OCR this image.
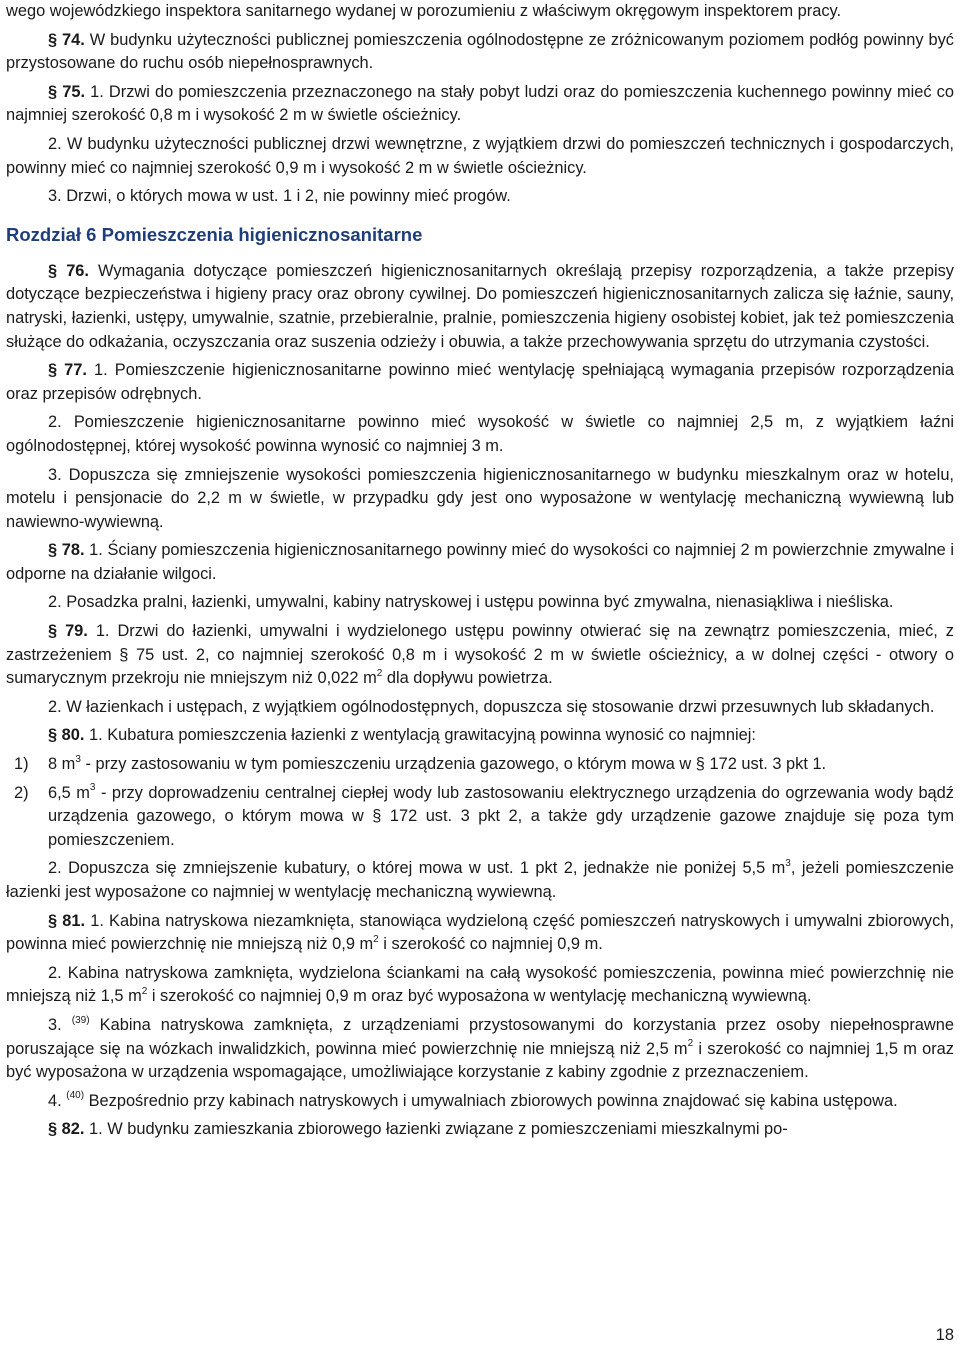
wego wojewódzkiego inspektora sanitarnego wydanej w porozumieniu z właściwym okręgowym inspektorem pracy.

§ 74. W budynku użyteczności publicznej pomieszczenia ogólnodostępne ze zróżnicowanym poziomem podłóg powinny być przystosowane do ruchu osób niepełnosprawnych.

§ 75. 1. Drzwi do pomieszczenia przeznaczonego na stały pobyt ludzi oraz do pomieszczenia kuchennego powinny mieć co najmniej szerokość 0,8 m i wysokość 2 m w świetle ościeżnicy.

2. W budynku użyteczności publicznej drzwi wewnętrzne, z wyjątkiem drzwi do pomieszczeń technicznych i gospodarczych, powinny mieć co najmniej szerokość 0,9 m i wysokość 2 m w świetle ościeżnicy.

3. Drzwi, o których mowa w ust. 1 i 2, nie powinny mieć progów.

Rozdział 6 Pomieszczenia higienicznosanitarne

§ 76. Wymagania dotyczące pomieszczeń higienicznosanitarnych określają przepisy rozporządzenia, a także przepisy dotyczące bezpieczeństwa i higieny pracy oraz obrony cywilnej. Do pomieszczeń higienicznosanitarnych zalicza się łaźnie, sauny, natryski, łazienki, ustępy, umywalnie, szatnie, przebieralnie, pralnie, pomieszczenia higieny osobistej kobiet, jak też pomieszczenia służące do odkażania, oczyszczania oraz suszenia odzieży i obuwia, a także przechowywania sprzętu do utrzymania czystości.

§ 77. 1. Pomieszczenie higienicznosanitarne powinno mieć wentylację spełniającą wymagania przepisów rozporządzenia oraz przepisów odrębnych.

2. Pomieszczenie higienicznosanitarne powinno mieć wysokość w świetle co najmniej 2,5 m, z wyjątkiem łaźni ogólnodostępnej, której wysokość powinna wynosić co najmniej 3 m.

3. Dopuszcza się zmniejszenie wysokości pomieszczenia higienicznosanitarnego w budynku mieszkalnym oraz w hotelu, motelu i pensjonacie do 2,2 m w świetle, w przypadku gdy jest ono wyposażone w wentylację mechaniczną wywiewną lub nawiewno-wywiewną.

§ 78. 1. Ściany pomieszczenia higienicznosanitarnego powinny mieć do wysokości co najmniej 2 m powierzchnie zmywalne i odporne na działanie wilgoci.

2. Posadzka pralni, łazienki, umywalni, kabiny natryskowej i ustępu powinna być zmywalna, nienasiąkliwa i nieśliska.

§ 79. 1. Drzwi do łazienki, umywalni i wydzielonego ustępu powinny otwierać się na zewnątrz pomieszczenia, mieć, z zastrzeżeniem § 75 ust. 2, co najmniej szerokość 0,8 m i wysokość 2 m w świetle ościeżnicy, a w dolnej części - otwory o sumarycznym przekroju nie mniejszym niż 0,022 $m^2$ dla dopływu powietrza.

2. W łazienkach i ustępach, z wyjątkiem ogólnodostępnych, dopuszcza się stosowanie drzwi przesuwnych lub składanych.

§ 80. 1. Kubatura pomieszczenia łazienki z wentylacją grawitacyjną powinna wynosić co najmniej:

1) 8 $m^3$ - przy zastosowaniu w tym pomieszczeniu urządzenia gazowego, o którym mowa w § 172 ust. 3 pkt 1.
2) 6,5 $m^3$ - przy doprowadzeniu centralnej ciepłej wody lub zastosowaniu elektrycznego urządzenia do ogrzewania wody bądź urządzenia gazowego, o którym mowa w § 172 ust. 3 pkt 2, a także gdy urządzenie gazowe znajduje się poza tym pomieszczeniem.

2. Dopuszcza się zmniejszenie kubatury, o której mowa w ust. 1 pkt 2, jednakże nie poniżej 5,5 $m^3$, jeżeli pomieszczenie łazienki jest wyposażone co najmniej w wentylację mechaniczną wywiewną.

§ 81. 1. Kabina natryskowa niezamknięta, stanowiąca wydzieloną część pomieszczeń natryskowych i umywalni zbiorowych, powinna mieć powierzchnię nie mniejszą niż 0,9 $m^2$ i szerokość co najmniej 0,9 m.

2. Kabina natryskowa zamknięta, wydzielona ściankami na całą wysokość pomieszczenia, powinna mieć powierzchnię nie mniejszą niż 1,5 $m^2$ i szerokość co najmniej 0,9 m oraz być wyposażona w wentylację mechaniczną wywiewną.

3. $^{(39)}$ Kabina natryskowa zamknięta, z urządzeniami przystosowanymi do korzystania przez osoby niepełnosprawne poruszające się na wózkach inwalidzkich, powinna mieć powierzchnię nie mniejszą niż 2,5 $m^2$ i szerokość co najmniej 1,5 m oraz być wyposażona w urządzenia wspomagające, umożliwiające korzystanie z kabiny zgodnie z przeznaczeniem.

4. $^{(40)}$ Bezpośrednio przy kabinach natryskowych i umywalniach zbiorowych powinna znajdować się kabina ustępowa.

§ 82. 1. W budynku zamieszkania zbiorowego łazienki związane z pomieszczeniami mieszkalnymi po-

18
